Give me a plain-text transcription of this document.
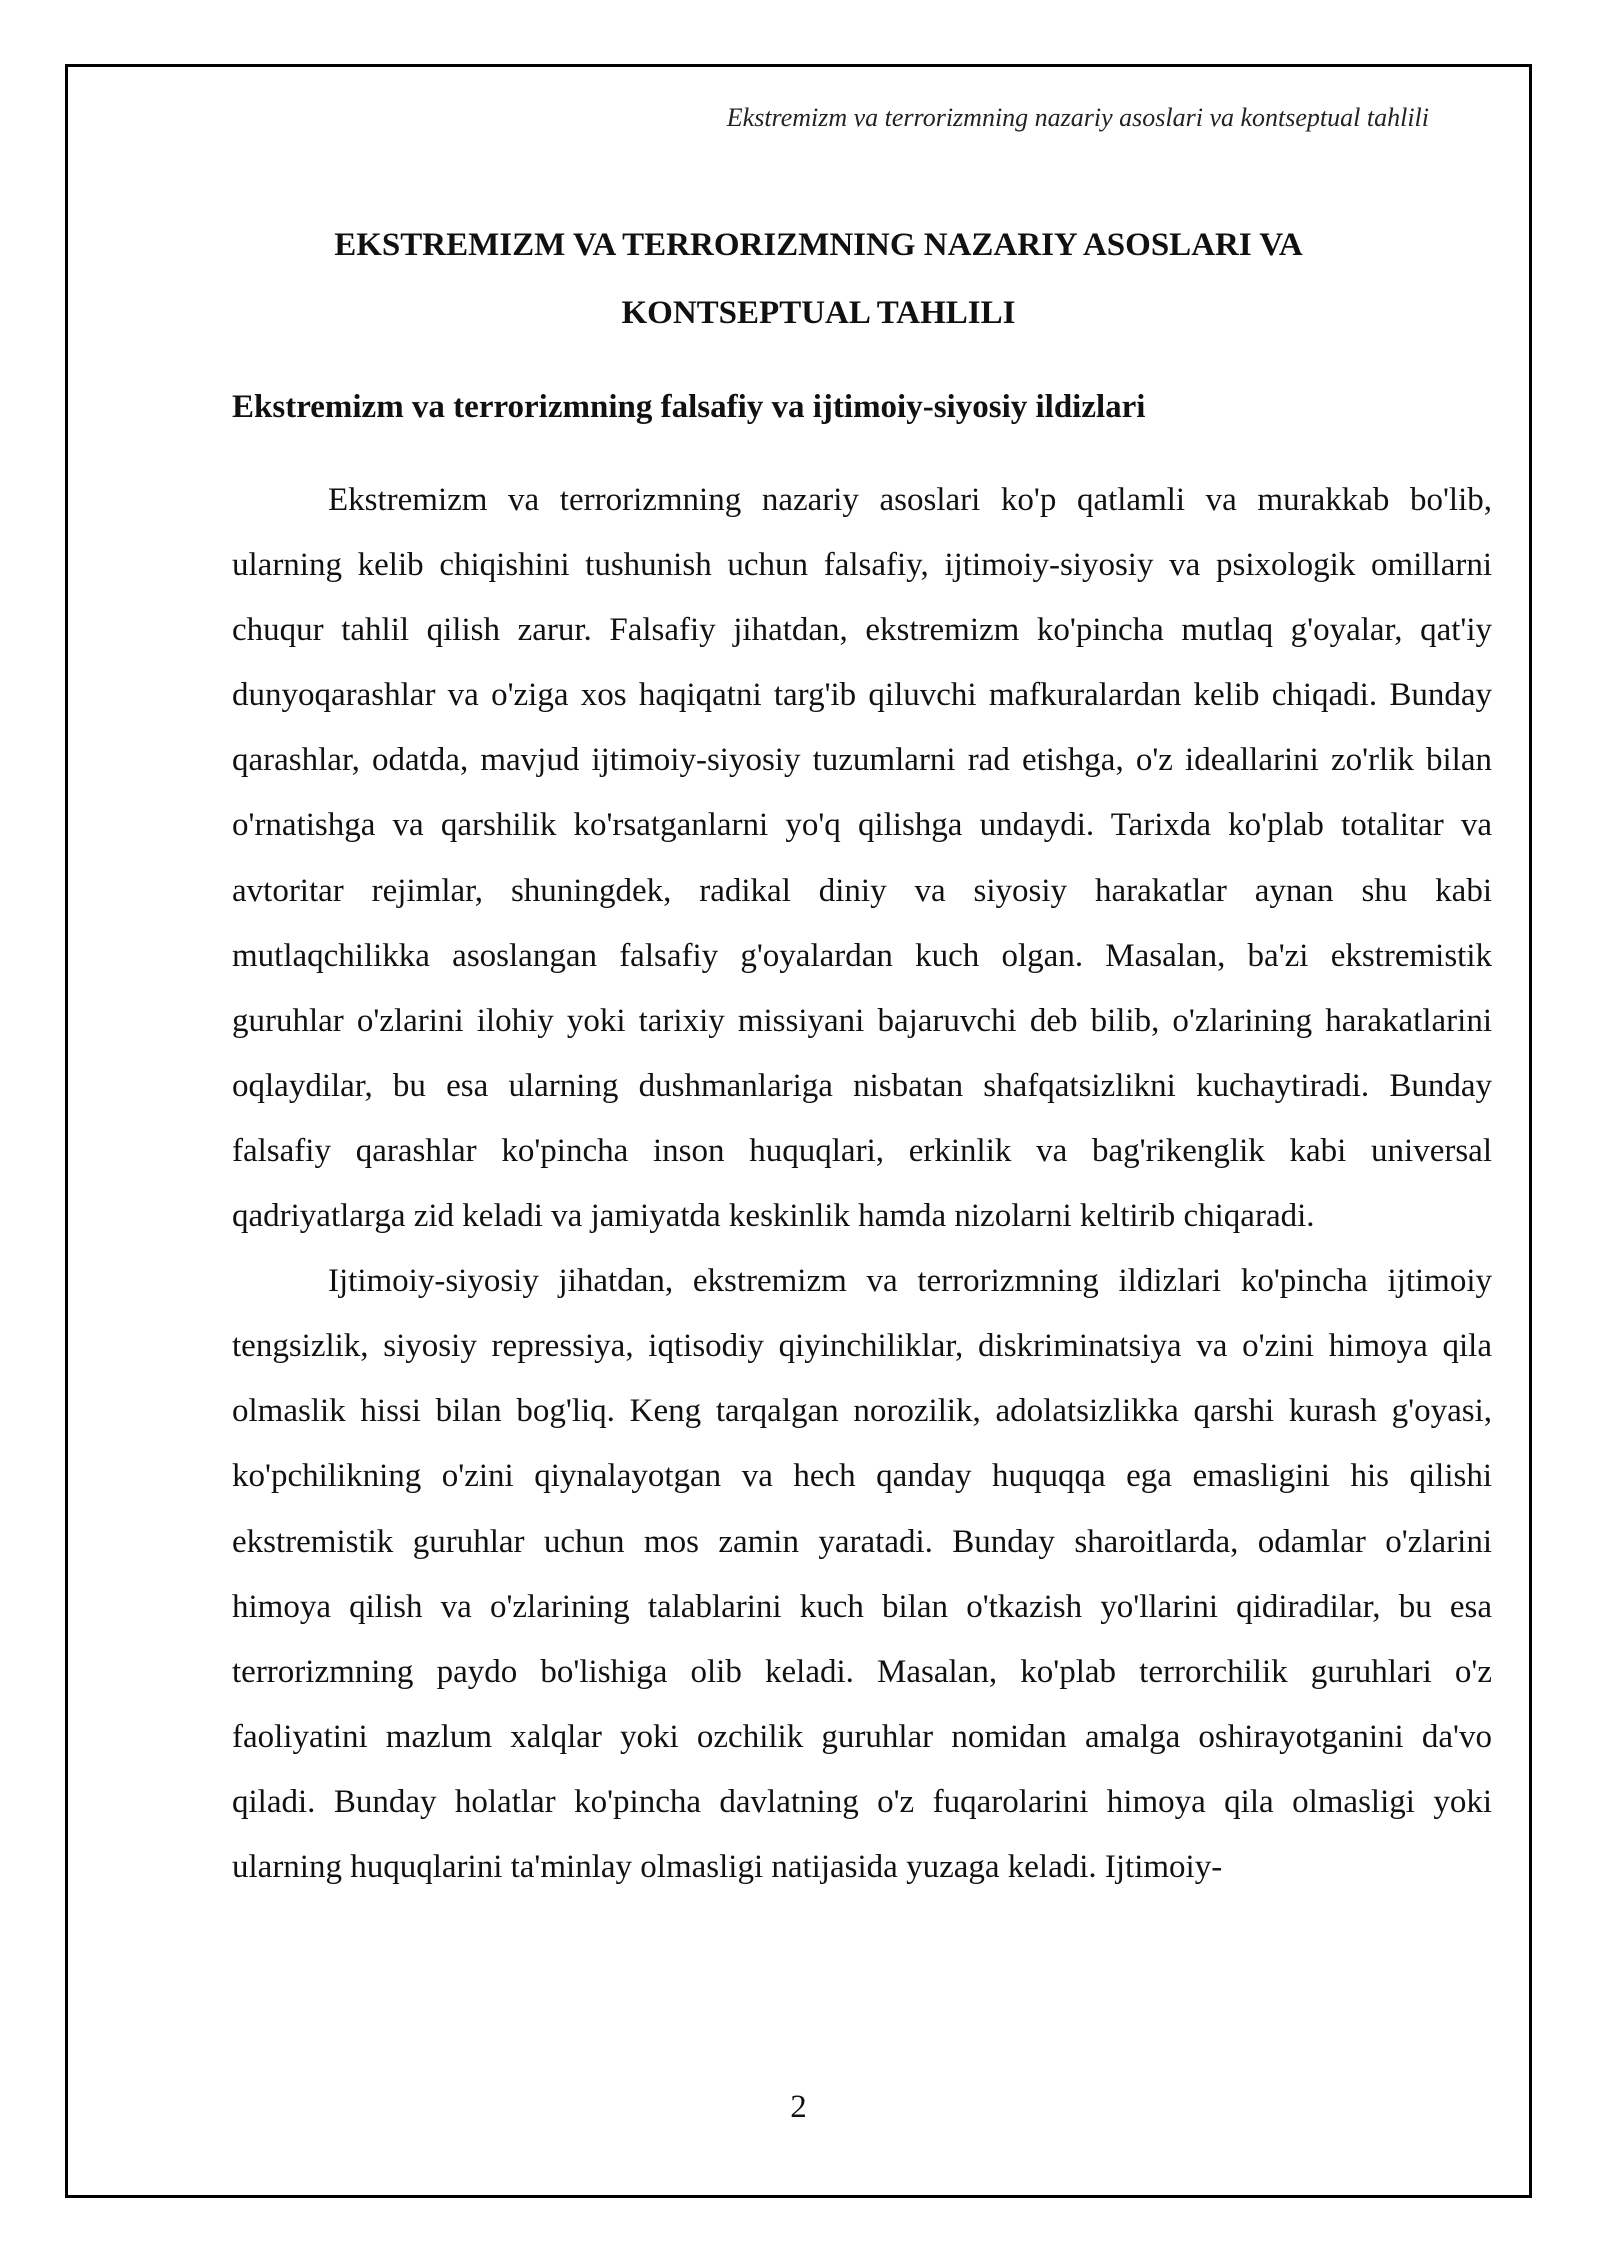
Ekstremizm va terrorizmning nazariy asoslari va kontseptual tahlili
EKSTREMIZM VA TERRORIZMNING NAZARIY ASOSLARI VA
KONTSEPTUAL TAHLILI
Ekstremizm va terrorizmning falsafiy va ijtimoiy-siyosiy ildizlari

Ekstremizm va terrorizmning nazariy asoslari ko'p qatlamli va murakkab bo'lib, ularning kelib chiqishini tushunish uchun falsafiy, ijtimoiy-siyosiy va psixologik omillarni chuqur tahlil qilish zarur. Falsafiy jihatdan, ekstremizm ko'pincha mutlaq g'oyalar, qat'iy dunyoqarashlar va o'ziga xos haqiqatni targ'ib qiluvchi mafkuralardan kelib chiqadi. Bunday qarashlar, odatda, mavjud ijtimoiy-siyosiy tuzumlarni rad etishga, o'z ideallarini zo'rlik bilan o'rnatishga va qarshilik ko'rsatganlarni yo'q qilishga undaydi. Tarixda ko'plab totalitar va avtoritar rejimlar, shuningdek, radikal diniy va siyosiy harakatlar aynan shu kabi mutlaqchilikka asoslangan falsafiy g'oyalardan kuch olgan. Masalan, ba'zi ekstremistik guruhlar o'zlarini ilohiy yoki tarixiy missiyani bajaruvchi deb bilib, o'zlarining harakatlarini oqlaydilar, bu esa ularning dushmanlariga nisbatan shafqatsizlikni kuchaytiradi. Bunday falsafiy qarashlar ko'pincha inson huquqlari, erkinlik va bag'rikenglik kabi universal qadriyatlarga zid keladi va jamiyatda keskinlik hamda nizolarni keltirib chiqaradi.

Ijtimoiy-siyosiy jihatdan, ekstremizm va terrorizmning ildizlari ko'pincha ijtimoiy tengsizlik, siyosiy repressiya, iqtisodiy qiyinchiliklar, diskriminatsiya va o'zini himoya qila olmaslik hissi bilan bog'liq. Keng tarqalgan norozilik, adolatsizlikka qarshi kurash g'oyasi, ko'pchilikning o'zini qiynalayotgan va hech qanday huquqqa ega emasligini his qilishi ekstremistik guruhlar uchun mos zamin yaratadi. Bunday sharoitlarda, odamlar o'zlarini himoya qilish va o'zlarining talablarini kuch bilan o'tkazish yo'llarini qidiradilar, bu esa terrorizmning paydo bo'lishiga olib keladi. Masalan, ko'plab terrorchilik guruhlari o'z faoliyatini mazlum xalqlar yoki ozchilik guruhlar nomidan amalga oshirayotganini da'vo qiladi. Bunday holatlar ko'pincha davlatning o'z fuqarolarini himoya qila olmasligi yoki ularning huquqlarini ta'minlay olmasligi natijasida yuzaga keladi. Ijtimoiy-

2
